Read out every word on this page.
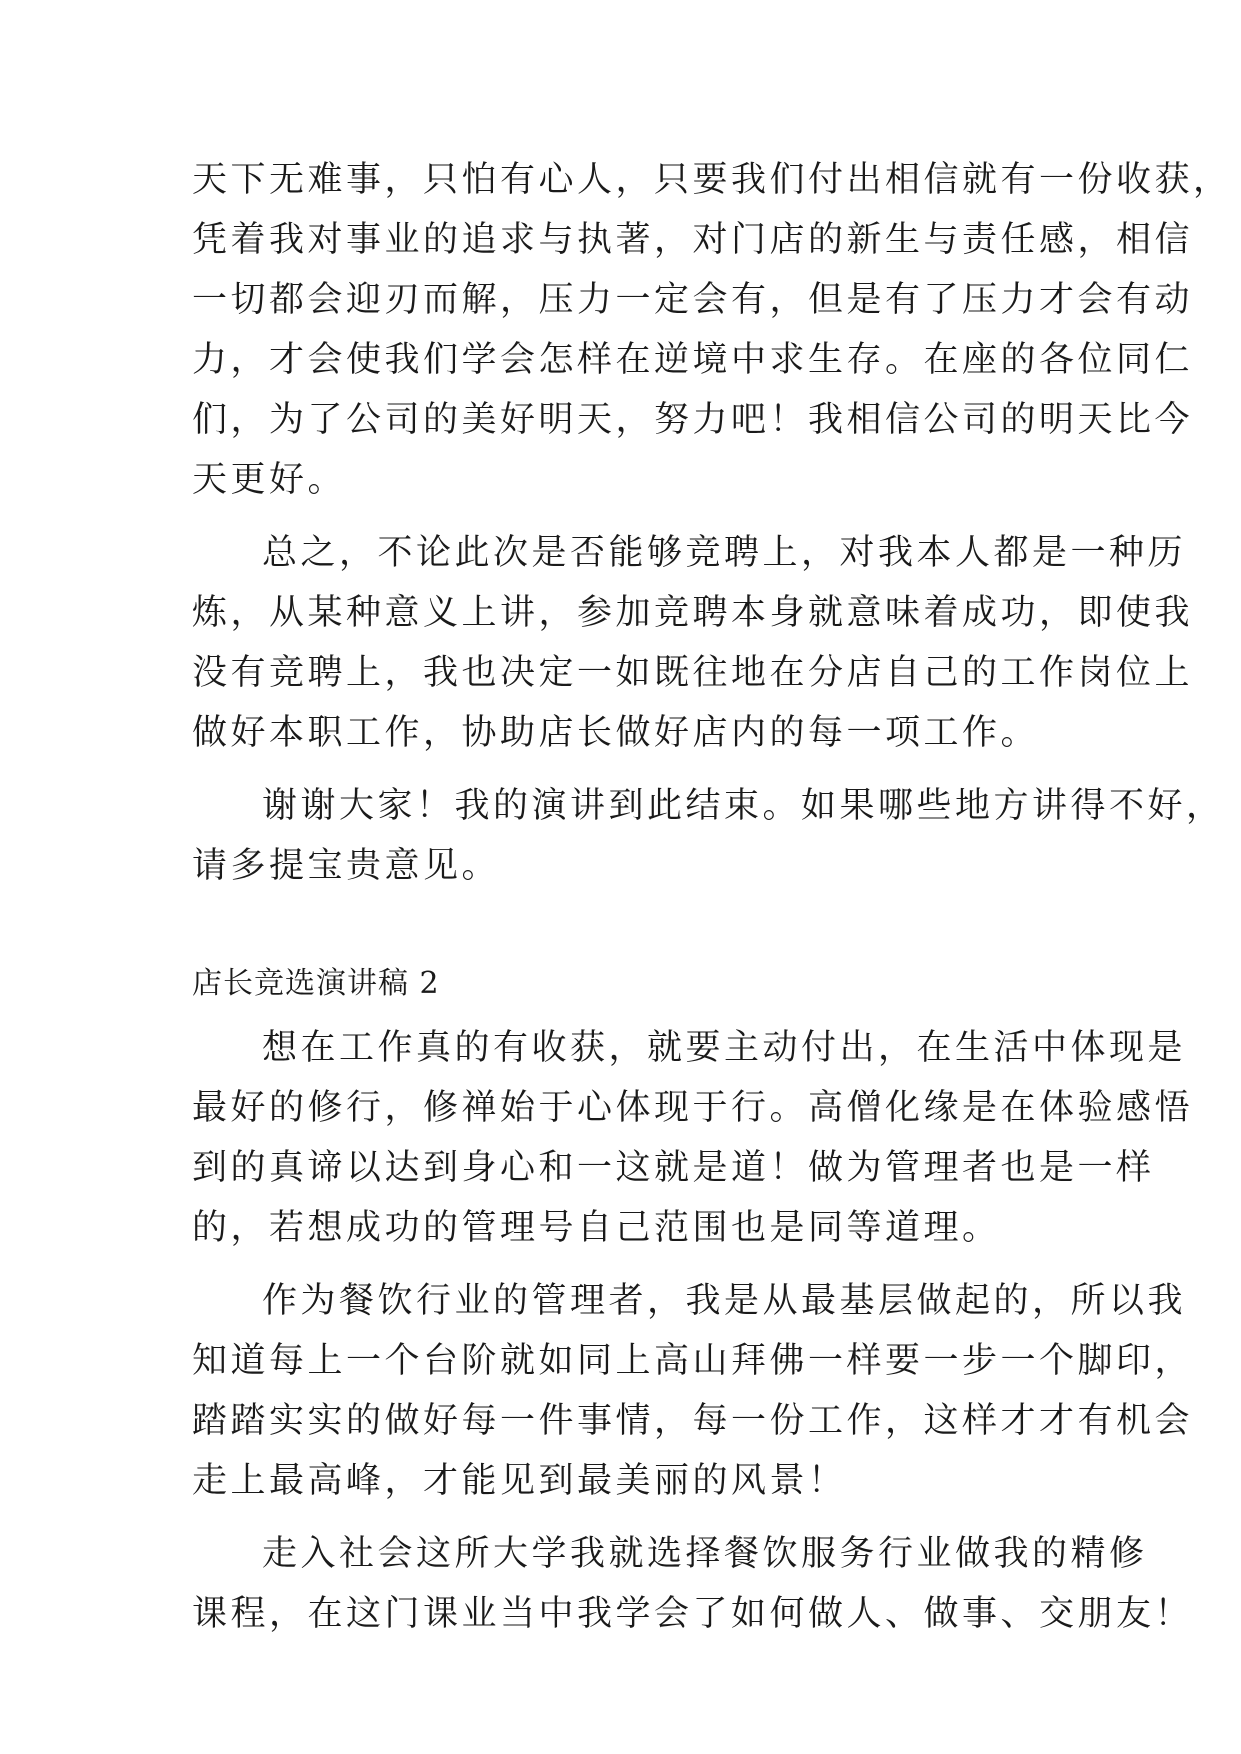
天下无难事，只怕有心人，只要我们付出相信就有一份收获，
凭着我对事业的追求与执著，对门店的新生与责任感，相信
一切都会迎刃而解，压力一定会有，但是有了压力才会有动
力，才会使我们学会怎样在逆境中求生存。在座的各位同仁
们，为了公司的美好明天，努力吧！我相信公司的明天比今
天更好。
总之，不论此次是否能够竞聘上，对我本人都是一种历
炼，从某种意义上讲，参加竞聘本身就意味着成功，即使我
没有竞聘上，我也决定一如既往地在分店自己的工作岗位上
做好本职工作，协助店长做好店内的每一项工作。
谢谢大家！我的演讲到此结束。如果哪些地方讲得不好，
请多提宝贵意见。
店长竞选演讲稿 2
想在工作真的有收获，就要主动付出，在生活中体现是
最好的修行，修禅始于心体现于行。高僧化缘是在体验感悟
到的真谛以达到身心和一这就是道！做为管理者也是一样
的，若想成功的管理号自己范围也是同等道理。
作为餐饮行业的管理者，我是从最基层做起的，所以我
知道每上一个台阶就如同上高山拜佛一样要一步一个脚印，
踏踏实实的做好每一件事情，每一份工作，这样才才有机会
走上最高峰，才能见到最美丽的风景！
走入社会这所大学我就选择餐饮服务行业做我的精修
课程，在这门课业当中我学会了如何做人、做事、交朋友！
